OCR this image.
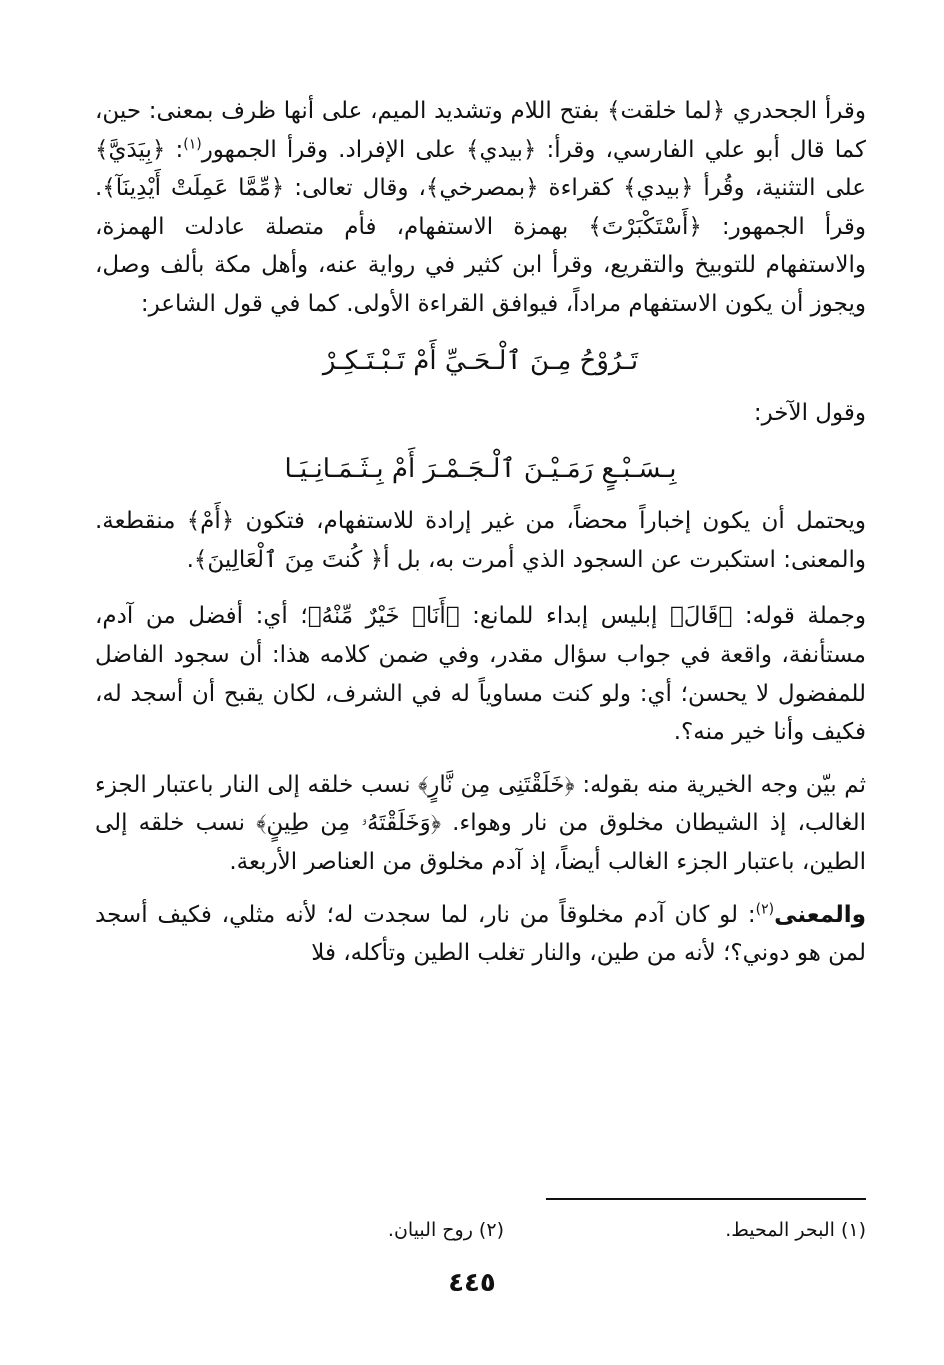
وقرأ الجحدري ﴿لما خلقت﴾ بفتح اللام وتشديد الميم، على أنها ظرف بمعنى: حين، كما قال أبو علي الفارسي، وقرأ: ﴿بيدي﴾ على الإفراد. وقرأ الجمهور$^{(١)}$: ﴿بِيَدَيَّ﴾ على التثنية، وقُرأ ﴿بيدي﴾ كقراءة ﴿بمصرخي﴾، وقال تعالى: ﴿مِّمَّا عَمِلَتْ أَيْدِينَآ﴾. وقرأ الجمهور: ﴿أَسْتَكْبَرْتَ﴾ بهمزة الاستفهام، فأم متصلة عادلت الهمزة، والاستفهام للتوبيخ والتقريع، وقرأ ابن كثير في رواية عنه، وأهل مكة بألف وصل، ويجوز أن يكون الاستفهام مراداً، فيوافق القراءة الأولى. كما في قول الشاعر:

تَـرُوْحُ مِـنَ ٱلْـحَـيِّ أَمْ تَـبْـتَـكِـرْ

وقول الآخر:

بِـسَـبْـعٍ رَمَـيْـنَ ٱلْـجَـمْـرَ أَمْ بِـثَـمَـانِـيَـا

ويحتمل أن يكون إخباراً محضاً، من غير إرادة للاستفهام، فتكون ﴿أَمْ﴾ منقطعة. والمعنى: استكبرت عن السجود الذي أمرت به، بل أ﴿ كُنتَ مِنَ ٱلْعَالِينَ﴾.

وجملة قوله: ﴿قَالَ﴾ إبليس إبداء للمانع: ﴿أَنَا۠ خَيْرٌ مِّنْهُ﴾؛ أي: أفضل من آدم، مستأنفة، واقعة في جواب سؤال مقدر، وفي ضمن كلامه هذا: أن سجود الفاضل للمفضول لا يحسن؛ أي: ولو كنت مساوياً له في الشرف، لكان يقبح أن أسجد له، فكيف وأنا خير منه؟.

ثم بيّن وجه الخيرية منه بقوله: ﴿خَلَقْتَنِى مِن نَّارٍ﴾ نسب خلقه إلى النار باعتبار الجزء الغالب، إذ الشيطان مخلوق من نار وهواء. ﴿وَخَلَقْتَهُۥ مِن طِينٍ﴾ نسب خلقه إلى الطين، باعتبار الجزء الغالب أيضاً، إذ آدم مخلوق من العناصر الأربعة.

والمعنى$^{(٢)}$: لو كان آدم مخلوقاً من نار، لما سجدت له؛ لأنه مثلي، فكيف أسجد لمن هو دوني؟؛ لأنه من طين، والنار تغلب الطين وتأكله، فلا

(١) البحر المحيط.
(٢) روح البيان.
٤٤٥
